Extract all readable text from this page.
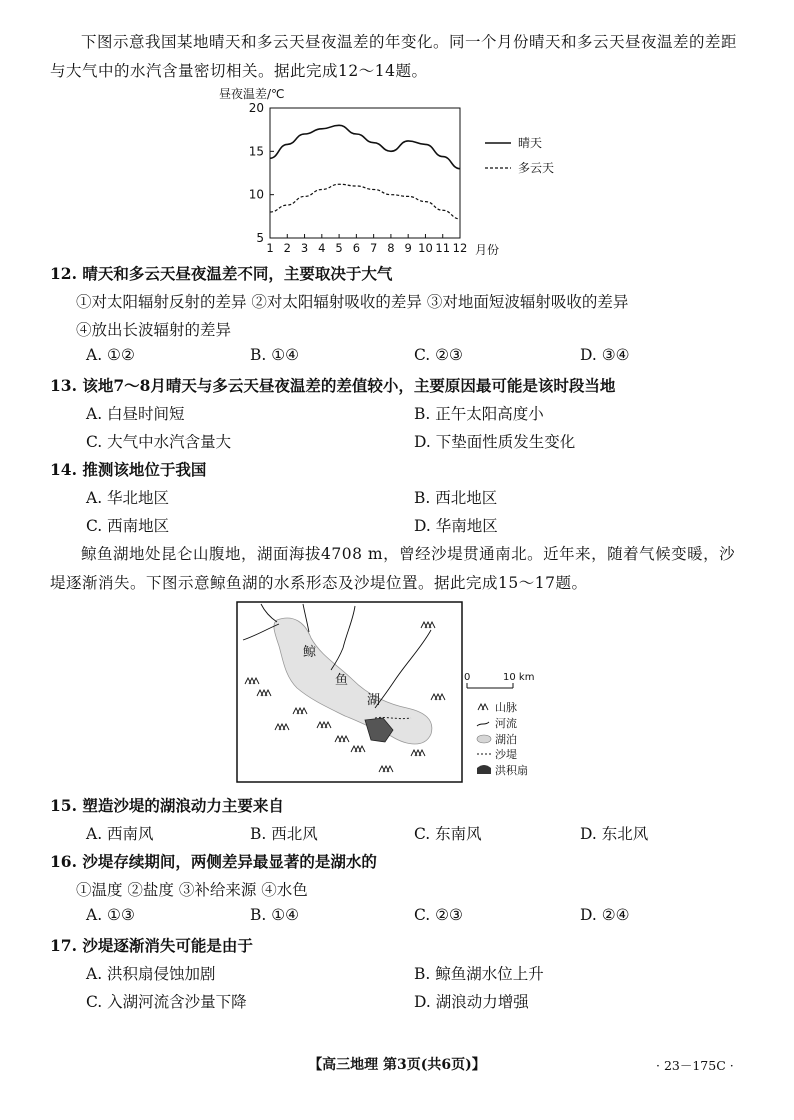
下图示意我国某地晴天和多云天昼夜温差的年变化。同一个月份晴天和多云天昼夜温差的差距与大气中的水汽含量密切相关。据此完成12～14题。
昼夜温差/℃
5
10
15
20
1 2 3 4 5 6 7 8 9 10 11 12 月份
晴天
多云天
12. 晴天和多云天昼夜温差不同，主要取决于大气
①对太阳辐射反射的差异 ②对太阳辐射吸收的差异 ③对地面短波辐射吸收的差异
④放出长波辐射的差异
A. ①②	B. ①④	C. ②③	D. ③④
13. 该地7～8月晴天与多云天昼夜温差的差值较小，主要原因最可能是该时段当地
A. 白昼时间短	B. 正午太阳高度小
C. 大气中水汽含量大	D. 下垫面性质发生变化
14. 推测该地位于我国
A. 华北地区	B. 西北地区
C. 西南地区	D. 华南地区
鲸鱼湖地处昆仑山腹地，湖面海拔4708 m，曾经沙堤贯通南北。近年来，随着气候变暖，沙堤逐渐消失。下图示意鲸鱼湖的水系形态及沙堤位置。据此完成15～17题。
鲸
鱼
湖
0	10 km
山脉
河流
湖泊
沙堤
洪积扇
15. 塑造沙堤的湖浪动力主要来自
A. 西南风	B. 西北风	C. 东南风	D. 东北风
16. 沙堤存续期间，两侧差异最显著的是湖水的
①温度 ②盐度 ③补给来源 ④水色
A. ①③	B. ①④	C. ②③	D. ②④
17. 沙堤逐渐消失可能是由于
A. 洪积扇侵蚀加剧	B. 鲸鱼湖水位上升
C. 入湖河流含沙量下降	D. 湖浪动力增强
【高三地理 第3页(共6页)】	· 23－175C ·
